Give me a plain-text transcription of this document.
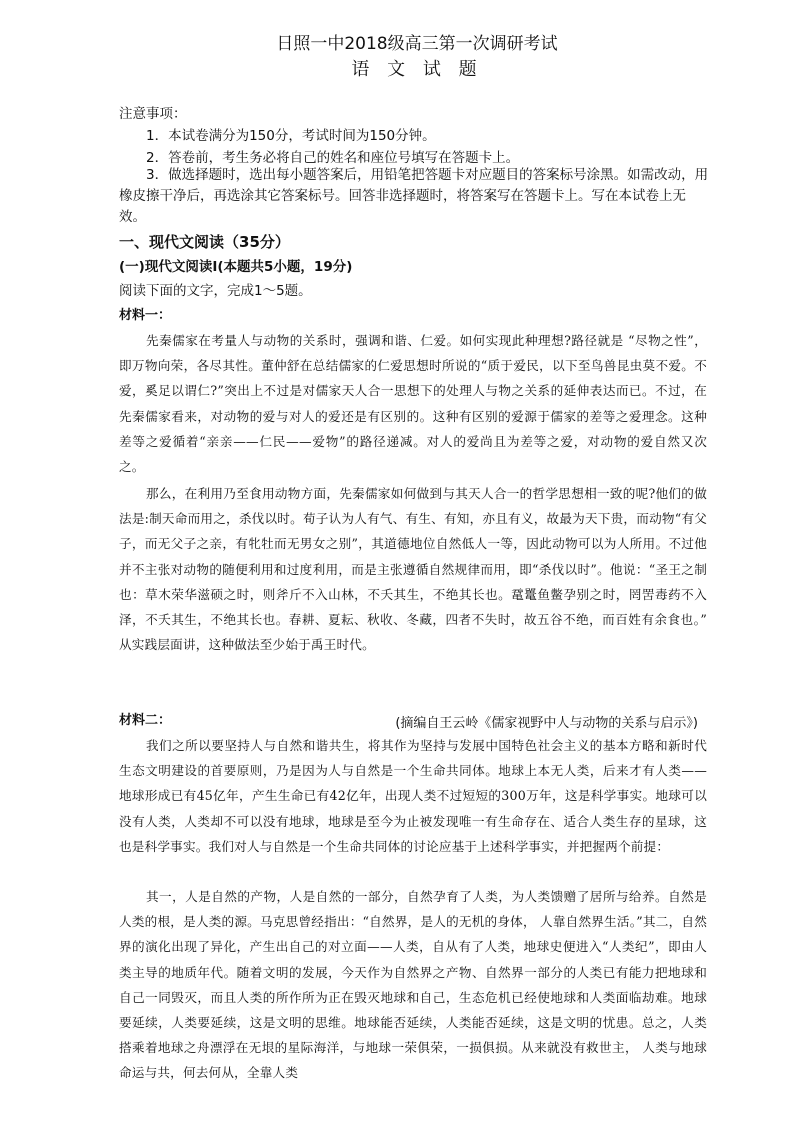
日照一中2018级高三第一次调研考试
语 文 试 题
注意事项：
1．本试卷满分为150分，考试时间为150分钟。
2．答卷前，考生务必将自己的姓名和座位号填写在答题卡上。
3．做选择题时，选出每小题答案后，用铅笔把答题卡对应题目的答案标号涂黑。如需改动，用橡皮擦干净后，再选涂其它答案标号。回答非选择题时，将答案写在答题卡上。写在本试卷上无效。
一、现代文阅读（35分）
(一)现代文阅读Ⅰ(本题共5小题，19分)
阅读下面的文字，完成1～5题。
材料一：
先秦儒家在考量人与动物的关系时，强调和谐、仁爱。如何实现此种理想?路径就是 “尽物之性”，即万物向荣，各尽其性。董仲舒在总结儒家的仁爱思想时所说的“质于爱民，以下至鸟兽昆虫莫不爱。不爱，奚足以谓仁?”突出上不过是对儒家天人合一思想下的处理人与物之关系的延伸表达而已。不过，在先秦儒家看来，对动物的爱与对人的爱还是有区别的。这种有区别的爱源于儒家的差等之爱理念。这种差等之爱循着“亲亲——仁民——爱物”的路径递减。对人的爱尚且为差等之爱，对动物的爱自然又次之。
那么，在利用乃至食用动物方面，先秦儒家如何做到与其天人合一的哲学思想相一致的呢?他们的做法是:制天命而用之，杀伐以时。荀子认为人有气、有生、有知，亦且有义，故最为天下贵，而动物“有父子，而无父子之亲，有牝牡而无男女之别”，其道德地位自然低人一等，因此动物可以为人所用。不过他并不主张对动物的随便利用和过度利用，而是主张遵循自然规律而用，即“杀伐以时”。他说：“圣王之制也：草木荣华滋硕之时，则斧斤不入山林，不夭其生，不绝其长也。鼋鼍鱼鳖孕别之时，罔罟毒药不入泽，不夭其生，不绝其长也。春耕、夏耘、秋收、冬藏，四者不失时，故五谷不绝，而百姓有余食也。” 从实践层面讲，这种做法至少始于禹王时代。
(摘编自王云岭《儒家视野中人与动物的关系与启示》)
材料二：
我们之所以要坚持人与自然和谐共生，将其作为坚持与发展中国特色社会主义的基本方略和新时代生态文明建设的首要原则，乃是因为人与自然是一个生命共同体。地球上本无人类，后来才有人类——地球形成已有45亿年，产生生命已有42亿年，出现人类不过短短的300万年，这是科学事实。地球可以没有人类，人类却不可以没有地球，地球是至今为止被发现唯一有生命存在、适合人类生存的星球，这也是科学事实。我们对人与自然是一个生命共同体的讨论应基于上述科学事实，并把握两个前提：
其一，人是自然的产物，人是自然的一部分，自然孕育了人类，为人类馈赠了居所与给养。自然是人类的根，是人类的源。马克思曾经指出：“自然界，是人的无机的身体， 人靠自然界生活。”其二，自然界的演化出现了异化，产生出自己的对立面——人类，自从有了人类，地球史便进入“人类纪”，即由人类主导的地质年代。随着文明的发展，今天作为自然界之产物、自然界一部分的人类已有能力把地球和自己一同毁灭，而且人类的所作所为正在毁灭地球和自己，生态危机已经使地球和人类面临劫难。地球要延续，人类要延续，这是文明的思维。地球能否延续，人类能否延续，这是文明的忧患。总之，人类搭乘着地球之舟漂浮在无垠的星际海洋，与地球一荣俱荣，一损俱损。从来就没有救世主， 人类与地球命运与共，何去何从，全靠人类
